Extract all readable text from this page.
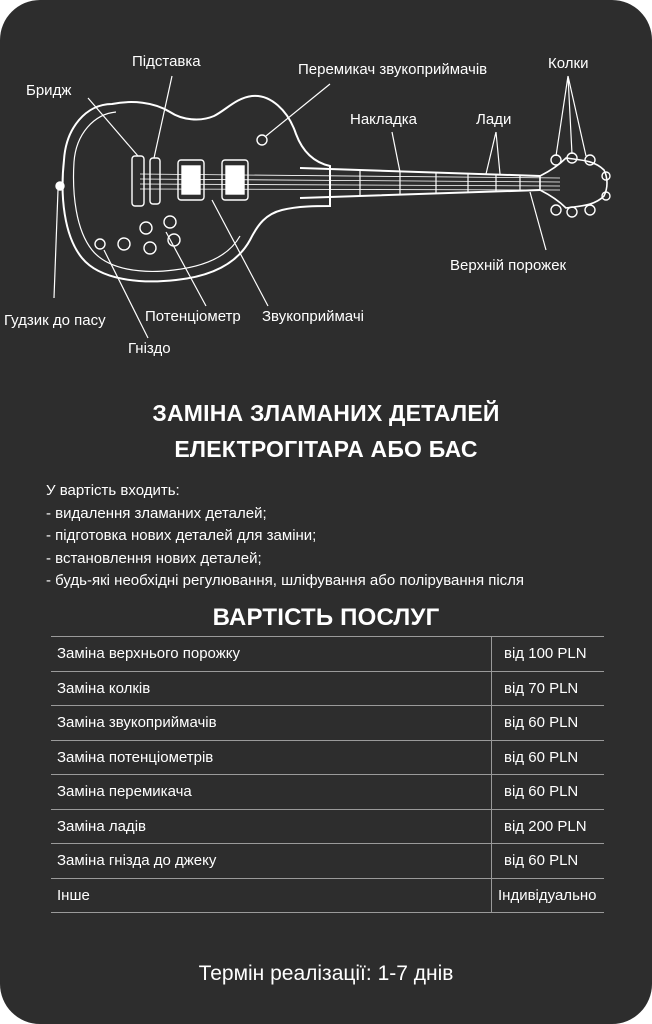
Бридж
Підставка	Перемикач звукоприймачів	Колки
Накладка	Лади
Верхній порожек
Гудзик до пасу	Потенціометр Звукоприймачі
Гніздо
ЗАМІНА ЗЛАМАНИХ ДЕТАЛЕЙ
ЕЛЕКТРОГІТАРА АБО БАС
У вартість входить:
- видалення зламаних деталей;
- підготовка нових деталей для заміни;
- встановлення нових деталей;
- будь-які необхідні регулювання, шліфування або полірування після
ВАРТІСТЬ ПОСЛУГ
Заміна верхнього порожку	від 100 PLN
Заміна колків	від 70 PLN
Заміна звукоприймачів	від 60 PLN
Заміна потенціометрів	від 60 PLN
Заміна перемикача	від 60 PLN
Заміна ладів	від 200 PLN
Заміна гнізда до джеку	від 60 PLN
Інше	Індивідуально
Термін реалізації: 1-7 днів
